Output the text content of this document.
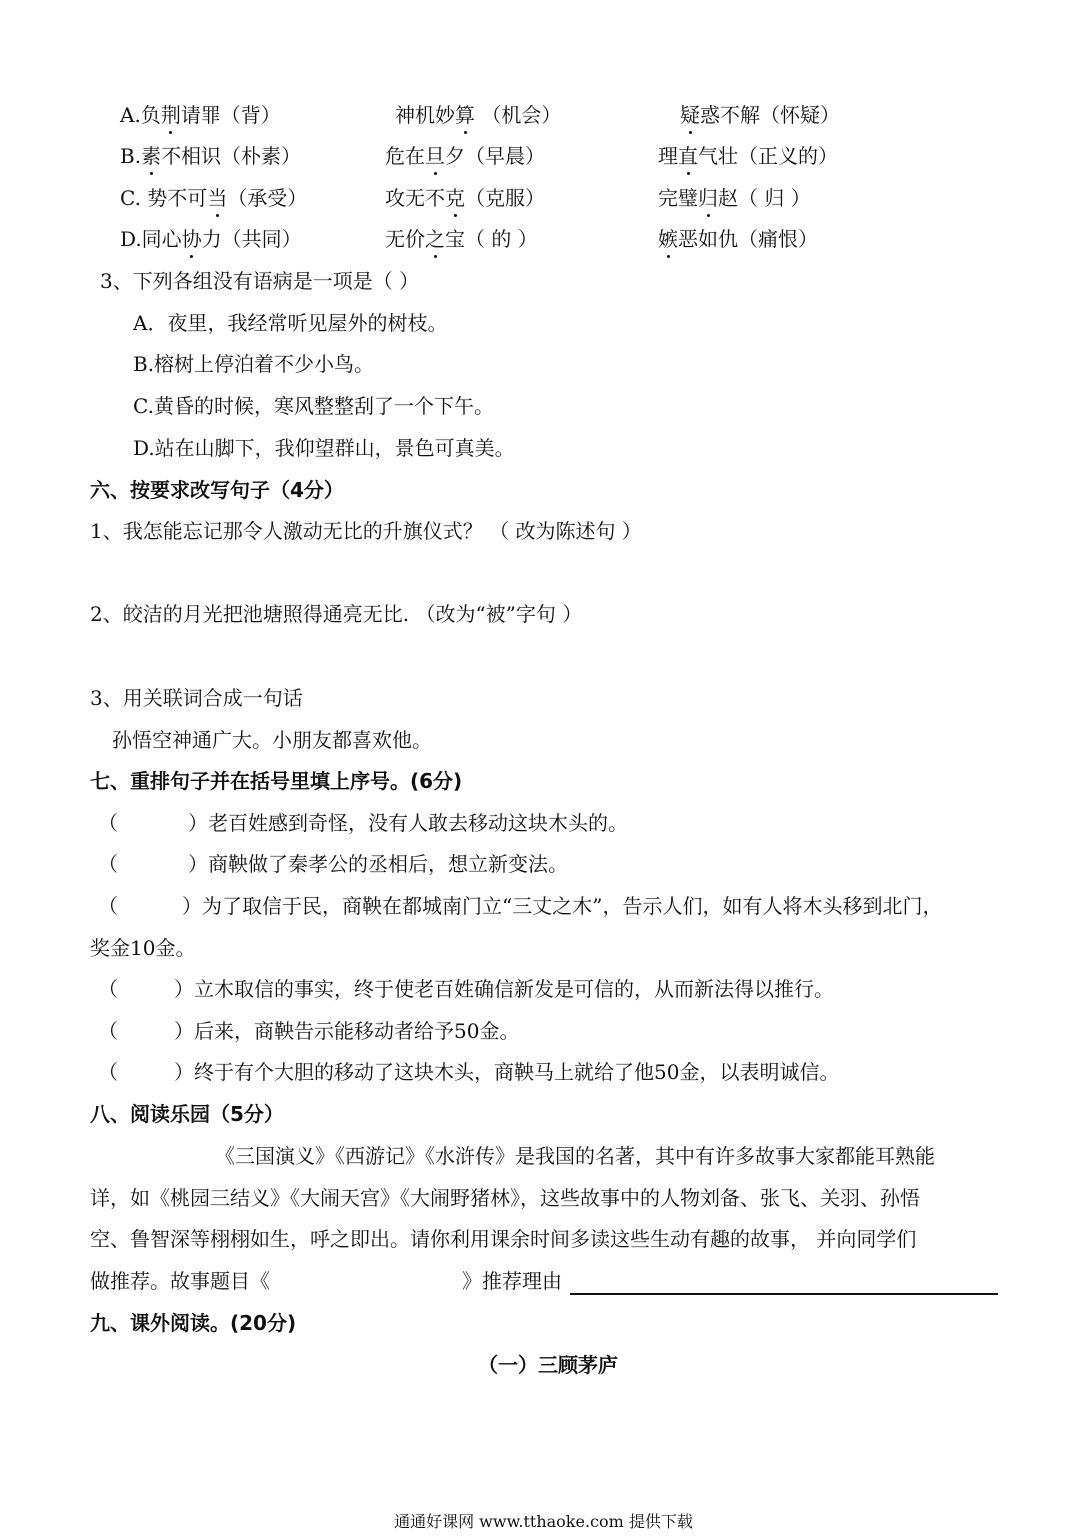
A.负荆请罪（背）	神机妙算 （机会）	疑惑不解（怀疑）
B.素不相识（朴素）	危在旦夕（早晨）	理直气壮（正义的）
C. 势不可当（承受）	攻无不克（克服）	完璧归赵（ 归 ）
D.同心协力（共同）	无价之宝（ 的 ）	嫉恶如仇（痛恨）
3、下列各组没有语病是一项是（ ）
A．夜里，我经常听见屋外的树枝。
B.榕树上停泊着不少小鸟。
C.黄昏的时候，寒风整整刮了一个下午。
D.站在山脚下，我仰望群山，景色可真美。
六、按要求改写句子（4分）
1、我怎能忘记那令人激动无比的升旗仪式？ （ 改为陈述句 ）
2、皎洁的月光把池塘照得通亮无比. （改为“被”字句 ）
3、用关联词合成一句话
孙悟空神通广大。小朋友都喜欢他。
七、重排句子并在括号里填上序号。(6分)
（	）老百姓感到奇怪，没有人敢去移动这块木头的。
（	）商鞅做了秦孝公的丞相后，想立新变法。
（	）为了取信于民，商鞅在都城南门立“三丈之木”，告示人们，如有人将木头移到北门，
奖金10金。
（	）立木取信的事实，终于使老百姓确信新发是可信的，从而新法得以推行。
（	）后来，商鞅告示能移动者给予50金。
（	）终于有个大胆的移动了这块木头，商鞅马上就给了他50金，以表明诚信。
八、阅读乐园（5分）
《三国演义》《西游记》《水浒传》是我国的名著，其中有许多故事大家都能耳熟能
详，如《桃园三结义》《大闹天宫》《大闹野猪林》，这些故事中的人物刘备、张飞、关羽、孙悟
空、鲁智深等栩栩如生，呼之即出。请你利用课余时间多读这些生动有趣的故事， 并向同学们
做推荐。故事题目《	》推荐理由
九、课外阅读。(20分)
（一）三顾茅庐
通通好课网 www.tthaoke.com 提供下载
